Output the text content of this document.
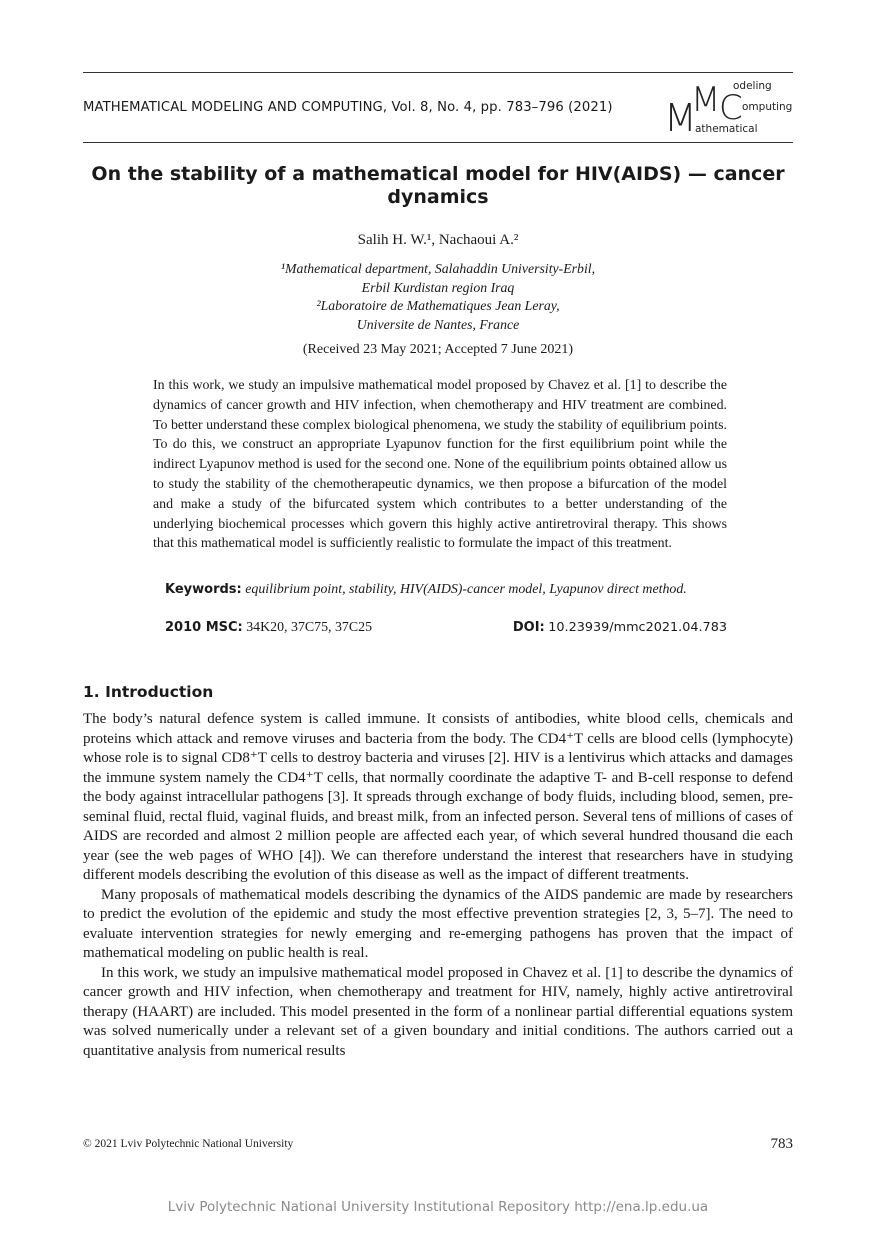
MATHEMATICAL MODELING AND COMPUTING, Vol. 8, No. 4, pp. 783–796 (2021) M
M
C
odeling
omputing
athematical
On the stability of a mathematical model for HIV(AIDS) — cancer dynamics
Salih H. W.¹, Nachaoui A.²
¹Mathematical department, Salahaddin University-Erbil,
Erbil Kurdistan region Iraq
²Laboratoire de Mathematiques Jean Leray,
Universite de Nantes, France
(Received 23 May 2021; Accepted 7 June 2021)
In this work, we study an impulsive mathematical model proposed by Chavez et al. [1] to describe the dynamics of cancer growth and HIV infection, when chemotherapy and HIV treatment are combined. To better understand these complex biological phenomena, we study the stability of equilibrium points. To do this, we construct an appropriate Lyapunov function for the first equilibrium point while the indirect Lyapunov method is used for the second one. None of the equilibrium points obtained allow us to study the stability of the chemotherapeutic dynamics, we then propose a bifurcation of the model and make a study of the bifurcated system which contributes to a better understanding of the underlying biochemical processes which govern this highly active antiretroviral therapy. This shows that this mathematical model is sufficiently realistic to formulate the impact of this treatment.
Keywords: equilibrium point, stability, HIV(AIDS)-cancer model, Lyapunov direct method.
2010 MSC: 34K20, 37C75, 37C25	DOI: 10.23939/mmc2021.04.783
1. Introduction

The body’s natural defence system is called immune. It consists of antibodies, white blood cells, chemicals and proteins which attack and remove viruses and bacteria from the body. The CD4⁺T cells are blood cells (lymphocyte) whose role is to signal CD8⁺T cells to destroy bacteria and viruses [2]. HIV is a lentivirus which attacks and damages the immune system namely the CD4⁺T cells, that normally coordinate the adaptive T- and B-cell response to defend the body against intracellular pathogens [3]. It spreads through exchange of body fluids, including blood, semen, pre-seminal fluid, rectal fluid, vaginal fluids, and breast milk, from an infected person. Several tens of millions of cases of AIDS are recorded and almost 2 million people are affected each year, of which several hundred thousand die each year (see the web pages of WHO [4]). We can therefore understand the interest that researchers have in studying different models describing the evolution of this disease as well as the impact of different treatments.

Many proposals of mathematical models describing the dynamics of the AIDS pandemic are made by researchers to predict the evolution of the epidemic and study the most effective prevention strategies [2, 3, 5–7]. The need to evaluate intervention strategies for newly emerging and re-emerging pathogens has proven that the impact of mathematical modeling on public health is real.

In this work, we study an impulsive mathematical model proposed in Chavez et al. [1] to describe the dynamics of cancer growth and HIV infection, when chemotherapy and treatment for HIV, namely, highly active antiretroviral therapy (HAART) are included. This model presented in the form of a nonlinear partial differential equations system was solved numerically under a relevant set of a given boundary and initial conditions. The authors carried out a quantitative analysis from numerical results

© 2021 Lviv Polytechnic National University	783
Lviv Polytechnic National University Institutional Repository http://ena.lp.edu.ua
